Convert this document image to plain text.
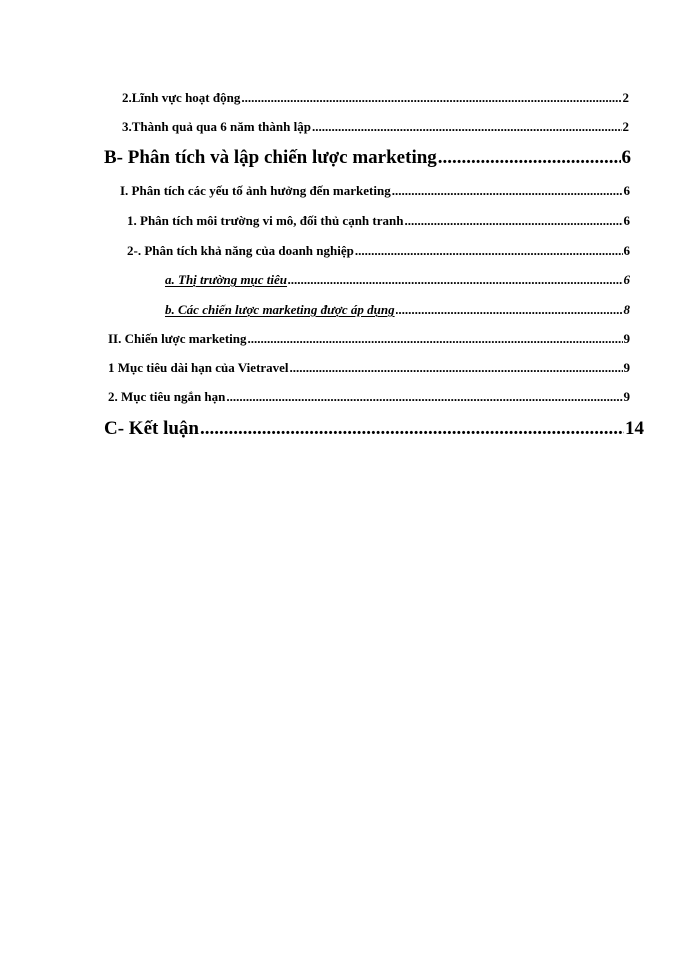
2.Lĩnh vực hoạt động .....	2
3.Thành quả qua 6 năm thành lập .....	2
B- Phân tích và lập chiến lược marketing .....	6
I. Phân tích các yếu tố ảnh hưởng đến marketing .....	6
1. Phân tích môi trường vi mô, đối thủ cạnh tranh .....	6
2-. Phân tích khả năng của doanh nghiệp .....	6
a. Thị trường mục tiêu .....	6
b. Các chiến lược marketing được áp dụng .....	8
II. Chiến lược marketing .....	9
1 Mục tiêu dài hạn của Vietravel .....	9
2. Mục tiêu ngắn hạn .....	9
C- Kết luận .....	14
